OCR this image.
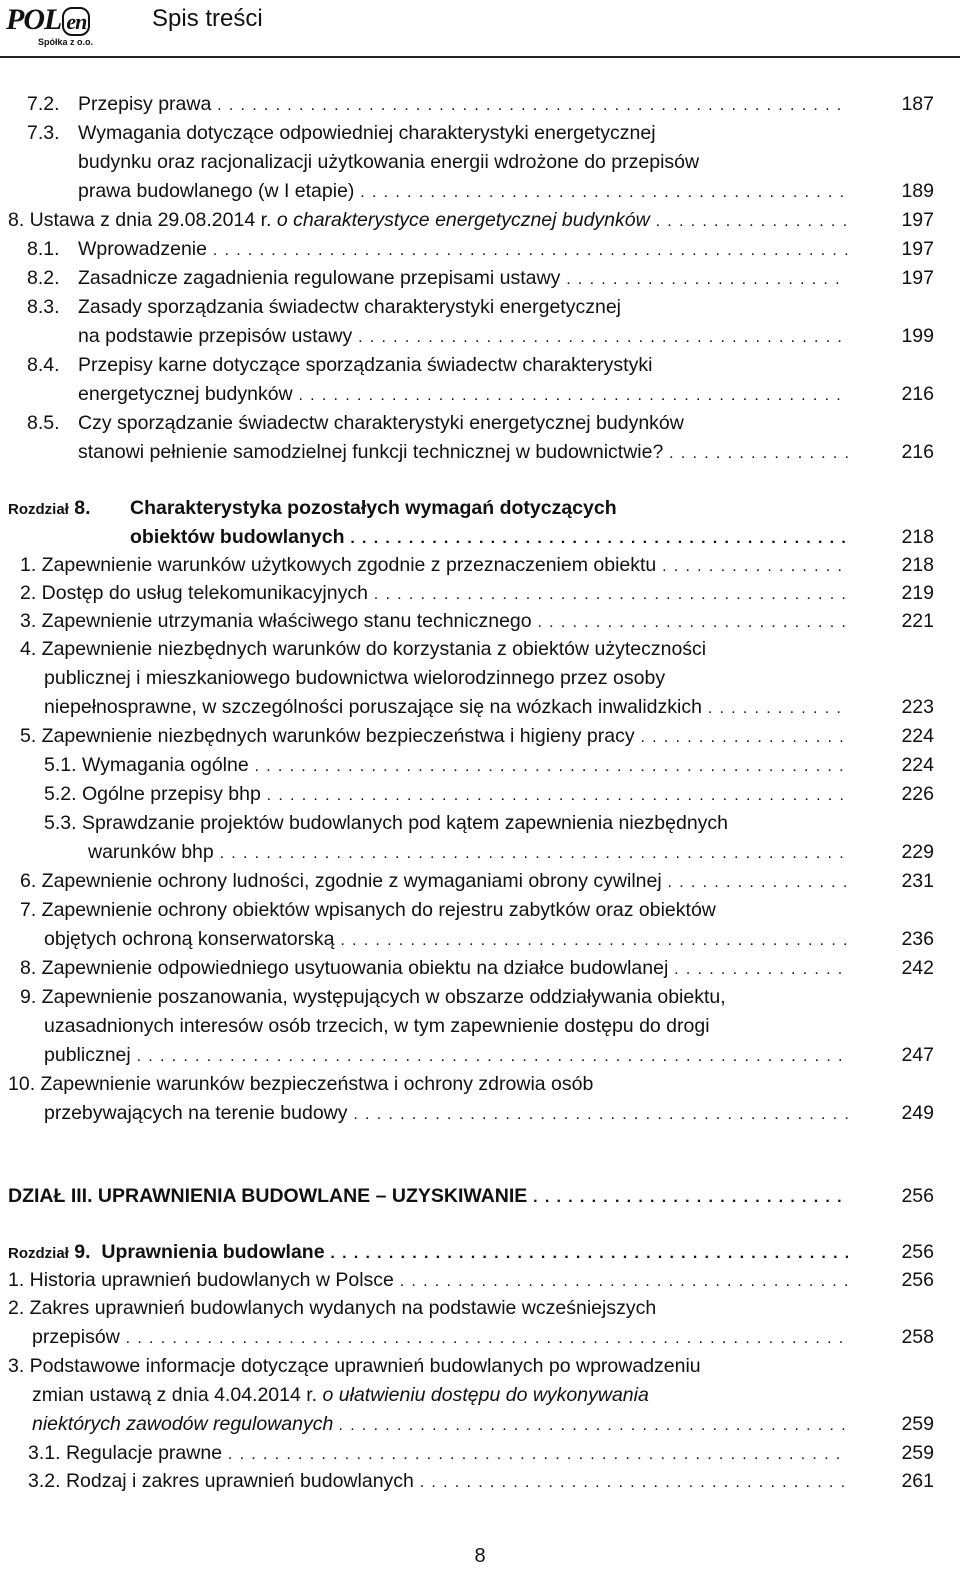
POL en
Spółka z o.o.
Spis treści
7.2. Przepisy prawa . . .	187
7.3. Wymagania dotyczące odpowiedniej charakterystyki energetycznej
budynku oraz racjonalizacji użytkowania energii wdrożone do przepisów
prawa budowlanego (w I etapie) . . .	189
8. Ustawa z dnia 29.08.2014 r. o charakterystyce energetycznej budynków . . .	197
8.1. Wprowadzenie . . .	197
8.2. Zasadnicze zagadnienia regulowane przepisami ustawy . . .	197
8.3. Zasady sporządzania świadectw charakterystyki energetycznej
na podstawie przepisów ustawy . . .	199
8.4. Przepisy karne dotyczące sporządzania świadectw charakterystyki
energetycznej budynków . . .	216
8.5. Czy sporządzanie świadectw charakterystyki energetycznej budynków
stanowi pełnienie samodzielnej funkcji technicznej w budownictwie? . . .	216
Rozdział 8. Charakterystyka pozostałych wymagań dotyczących
obiektów budowlanych . . .	218
1. Zapewnienie warunków użytkowych zgodnie z przeznaczeniem obiektu . . .	218
2. Dostęp do usług telekomunikacyjnych . . .	219
3. Zapewnienie utrzymania właściwego stanu technicznego . . .	221
4. Zapewnienie niezbędnych warunków do korzystania z obiektów użyteczności
publicznej i mieszkaniowego budownictwa wielorodzinnego przez osoby
niepełnosprawne, w szczególności poruszające się na wózkach inwalidzkich . . .	223
5. Zapewnienie niezbędnych warunków bezpieczeństwa i higieny pracy . . .	224
5.1. Wymagania ogólne . . .	224
5.2. Ogólne przepisy bhp . . .	226
5.3. Sprawdzanie projektów budowlanych pod kątem zapewnienia niezbędnych
warunków bhp . . .	229
6. Zapewnienie ochrony ludności, zgodnie z wymaganiami obrony cywilnej . . .	231
7. Zapewnienie ochrony obiektów wpisanych do rejestru zabytków oraz obiektów
objętych ochroną konserwatorską . . .	236
8. Zapewnienie odpowiedniego usytuowania obiektu na działce budowlanej . . .	242
9. Zapewnienie poszanowania, występujących w obszarze oddziaływania obiektu,
uzasadnionych interesów osób trzecich, w tym zapewnienie dostępu do drogi
publicznej . . .	247
10. Zapewnienie warunków bezpieczeństwa i ochrony zdrowia osób
przebywających na terenie budowy . . .	249
DZIAŁ III. UPRAWNIENIA BUDOWLANE – UZYSKIWANIE . . .	256
Rozdział 9. Uprawnienia budowlane . . .	256
1. Historia uprawnień budowlanych w Polsce . . .	256
2. Zakres uprawnień budowlanych wydanych na podstawie wcześniejszych
przepisów . . .	258
3. Podstawowe informacje dotyczące uprawnień budowlanych po wprowadzeniu
zmian ustawą z dnia 4.04.2014 r. o ułatwieniu dostępu do wykonywania
niektórych zawodów regulowanych . . .	259
3.1. Regulacje prawne . . .	259
3.2. Rodzaj i zakres uprawnień budowlanych . . .	261
8
